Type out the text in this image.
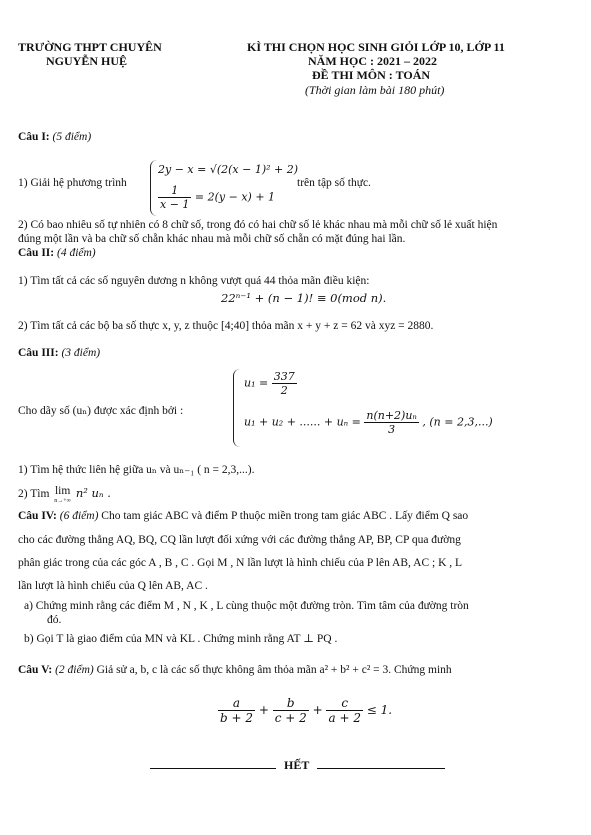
TRƯỜNG THPT CHUYÊN
NGUYỄN HUỆ
KÌ THI CHỌN HỌC SINH GIỎI LỚP 10, LỚP 11
NĂM HỌC : 2021 – 2022
ĐỀ THI MÔN : TOÁN
(Thời gian làm bài 180 phút)
Câu I: (5 điểm)
1) Giải hệ phương trình
2y − x = √(2(x − 1)² + 2)
$\frac{1}{x - 1} = 2(y - x) + 1$
trên tập số thực.
2) Có bao nhiêu số tự nhiên có 8 chữ số, trong đó có hai chữ số lẻ khác nhau mà mỗi chữ số lẻ xuất hiện
đúng một lần và ba chữ số chẵn khác nhau mà mỗi chữ số chẵn có mặt đúng hai lần.
Câu II: (4 điểm)
1) Tìm tất cả các số nguyên dương n không vượt quá 44 thỏa mãn điều kiện:
22ⁿ⁻¹ + (n − 1)! ≡ 0(mod n).
2) Tìm tất cả các bộ ba số thực x, y, z thuộc [4;40] thỏa mãn x + y + z = 62 và xyz = 2880.
Câu III: (3 điểm)
Cho dãy số (uₙ) được xác định bởi :
$u_1 = \frac{337}{2}$
u₁ + u₂ + ...... + $u_n = \frac{\text{n(n+2)uₙ}}{3}$ , (n = 2,3,...)
1) Tìm hệ thức liên hệ giữa uₙ và uₙ₋₁ ( n = 2,3,...).
2) Tìm lim
n→+∞
n² uₙ .
Câu IV: (6 điểm) Cho tam giác ABC và điểm P thuộc miền trong tam giác ABC . Lấy điểm Q sao
cho các đường thẳng AQ, BQ, CQ lần lượt đối xứng với các đường thẳng AP, BP, CP qua đường
phân giác trong của các góc A , B , C . Gọi M , N lần lượt là hình chiếu của P lên AB, AC ; K , L
lần lượt là hình chiếu của Q lên AB, AC .
a) Chứng minh rằng các điểm M , N , K , L cùng thuộc một đường tròn. Tìm tâm của đường tròn
đó.
b) Gọi T là giao điểm của MN và KL . Chứng minh rằng AT ⊥ PQ .
Câu V: (2 điểm) Giả sử a, b, c là các số thực không âm thỏa mãn a² + b² + c² = 3. Chứng minh
$\frac{a}{b + 2} + \frac{b}{c + 2} + \frac{c}{a + 2} \le 1$.
HẾT
